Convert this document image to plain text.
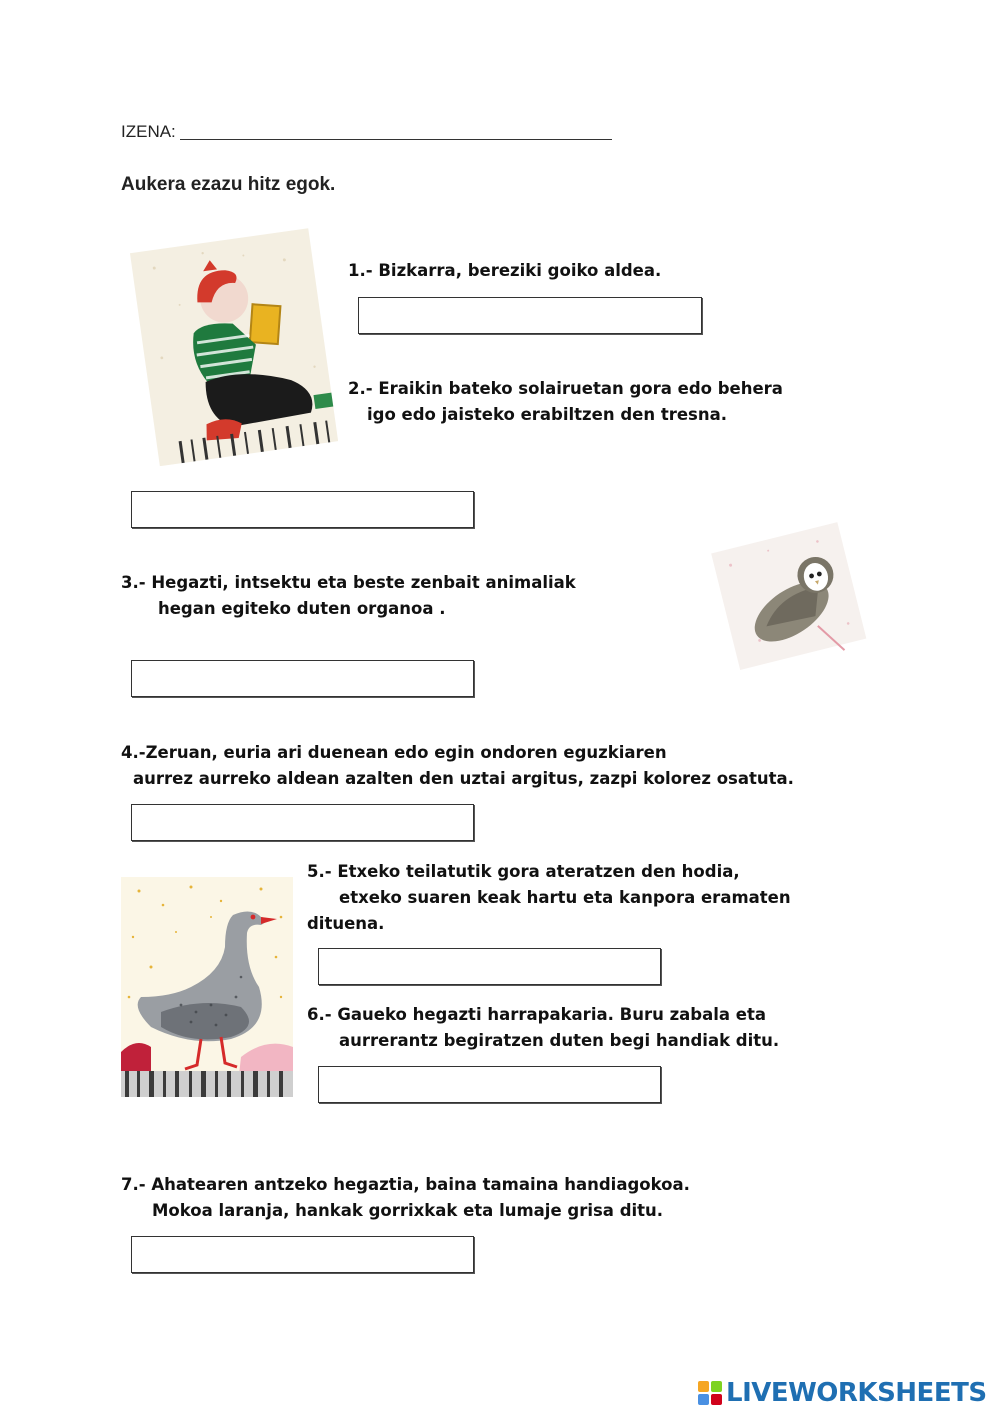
IZENA:
Aukera ezazu hitz egok.
1.- Bizkarra, bereziki goiko aldea.
2.- Eraikin bateko solairuetan gora edo behera
igo edo jaisteko erabiltzen den tresna.
3.- Hegazti, intsektu eta beste zenbait animaliak
hegan egiteko duten organoa .
4.-Zeruan, euria ari duenean edo egin ondoren eguzkiaren
aurrez aurreko aldean azalten den uztai argitus, zazpi kolorez osatuta.
5.- Etxeko teilatutik gora ateratzen den hodia,
etxeko suaren keak hartu eta kanpora eramaten
dituena.
6.- Gaueko hegazti harrapakaria. Buru zabala eta
aurrerantz begiratzen duten begi handiak ditu.
7.- Ahatearen antzeko hegaztia, baina tamaina handiagokoa.
Mokoa laranja, hankak gorrixkak eta lumaje grisa ditu.
LIVEWORKSHEETS
